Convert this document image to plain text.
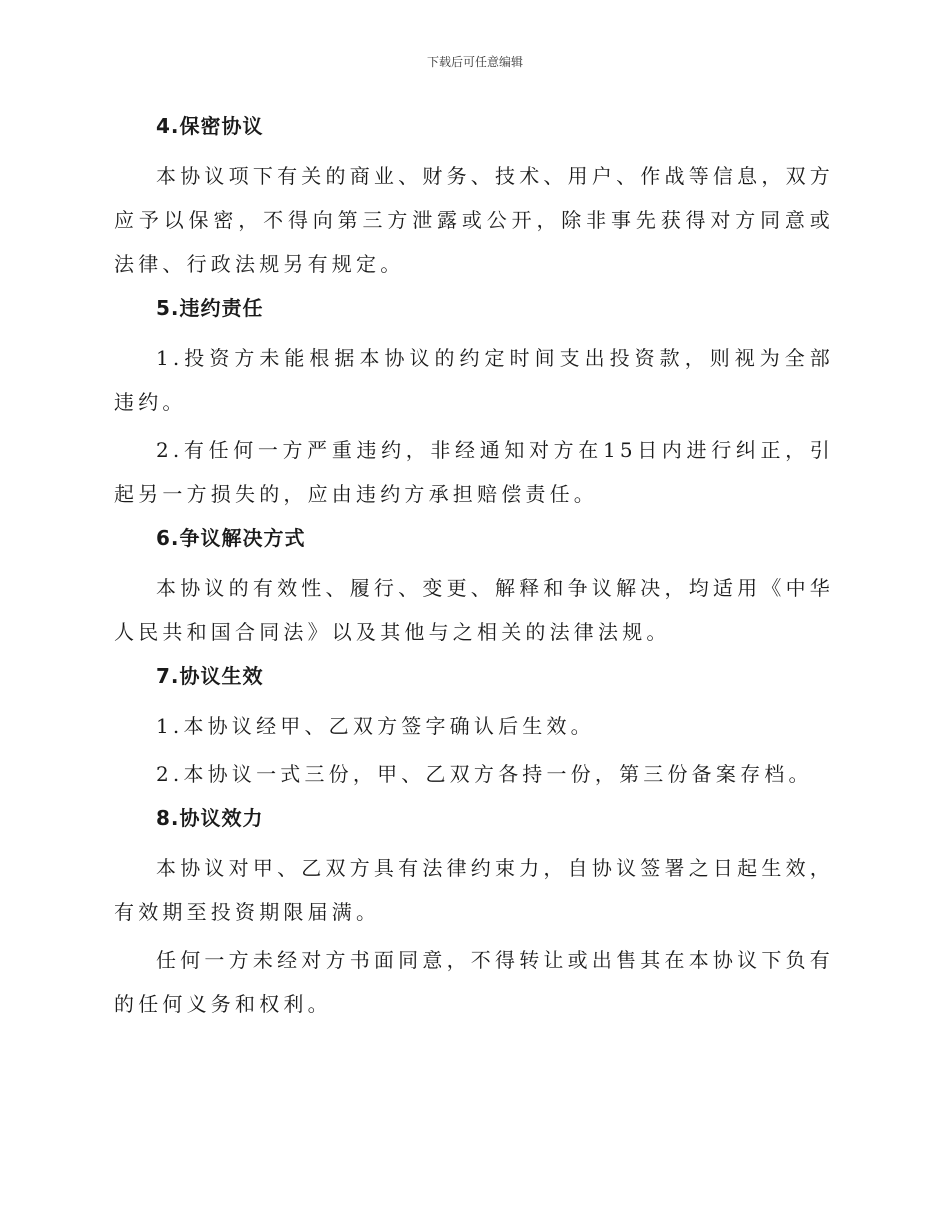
下载后可任意编辑
4.保密协议

本协议项下有关的商业、财务、技术、用户、作战等信息，双方应予以保密，不得向第三方泄露或公开，除非事先获得对方同意或法律、行政法规另有规定。

5.违约责任

1.投资方未能根据本协议的约定时间支出投资款，则视为全部违约。

2.有任何一方严重违约，非经通知对方在15日内进行纠正，引起另一方损失的，应由违约方承担赔偿责任。

6.争议解决方式

本协议的有效性、履行、变更、解释和争议解决，均适用《中华人民共和国合同法》以及其他与之相关的法律法规。

7.协议生效

1.本协议经甲、乙双方签字确认后生效。

2.本协议一式三份，甲、乙双方各持一份，第三份备案存档。

8.协议效力

本协议对甲、乙双方具有法律约束力，自协议签署之日起生效，有效期至投资期限届满。

任何一方未经对方书面同意，不得转让或出售其在本协议下负有的任何义务和权利。
